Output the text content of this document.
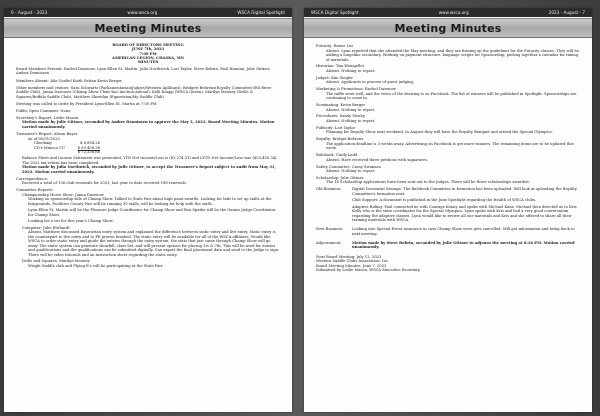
6 - August - 2023	www.wsca.org	WSCA Digital Spotlight
Meeting Minutes
BOARD OF DIRECTORS MEETING
JUNE 7th, 2023
7:00 PM
AMERICAN LEGION, CHASKA, MN
MINUTES

Board Members Present: Rachel Dasenow, Lynn-Ellen St. Martin, Julia Northwick, Lori Taylor, Steve Bobrin, Paul Hannan, Julie Gittner, Amber Dennissen

Members Absent: Alie Goebel Keith Sattan Kevin Berger

Other members and visitors: Sara Schwartz (Parliamentarian/Judges/Western Apllicant), Bridgett Behrens(Royalty Committee)/Ed River Saddle Club), Janna Dasenow (Champ Show Chair-Iac/ Auction-Annual), Kelli Knapp (WSCA Queen), Marilyn Mooney (Drills & Squares/Buffalo Saddle Club), Matthew Sheridan (Equestrian/My Saddle Club)

Meeting was called to order by President Lynn-Ellen St. Martin at 7:00 PM

Public Open Comment: None

Secretary's Report: Leslie Mason
Motion made by Julie Gittner, seconded by Amber Dennissen to approve the May 3, 2023, Board Meeting Minutes. Motion carried unanimously.
Treasurer's Report: Alison Bayer
As of 05/31/2023
Checking	$ 8,894.26
CD's-Minnco CU	$ 63,408.38
$ 72,258.66
Balance Sheet and Income Statement was presented, YTD Net Income/Loss is ($3,274.51) and LYTD Net Income/Loss was ($53,450.34). The 2022 tax return has been completed.
Motion made by Julia Northwick, seconded by Julie Gittner, to accept the Treasurer's Report subject to audit from May 31, 2023. Motion carried unanimously.
Correspondence:
Received a total of 156 club renewals for 2023; last year to-date received 188 renewals.
Committee Reports:
Championship Horse Show: Janna Dasenow
Working on sponsorship side of Champ Show. Talked to State Fair about high point awards. Looking for bids to set up stalls at the fairgrounds. Facilities County Fair will be running 30 stalls; will be looking for help with the stalls.
Lynn-Ellen St. Martin will be the Pleasure Judge Coordinator for Champ Show and Ben Sparks will be the Games Judge Coordinator for Champ Show.
Looking for a vet for this year's Champ Show.
Computer: Julie Ehrhardt
Absent. Matthew discussed Equestrian entry system and explained the difference between static entry and live entry. Static entry is the counterpart to live entry and to PE proven finished. The static entry will be available for all of the WSCA affiliates. Would like WSCA to order static entry and guide the entries through the entry system; the stats that just came through Champ Show will go away. The static system can generate showbill, class list, and will present options for placing 1st & 7th. This will be used for entries and qualifications and the qualifications can be submitted digitally. Can export the final placement data and send to the Judge to sign. There will be video tutorials and an instruction sheet regarding the static entry.
Drills and Squares: Marilyn Mooney
Wright Saddle club and Flying E's will be participating at the State Fair.
WSCA Digital Spotlight	www.wsca.org	2023 - August - 7
Meeting Minutes
Futurity: Renee Lee
Absent. Lynn reported that she attended the May meeting, and they are firming up the guidelines for the Futurity classes. They will be adding a longeline secondary. Working on payment structure, language scripts for Sponsorship, putting together a calendar for timing of materials.
Historian: Tim Weingeller
Absent. Nothing to report.
Judges: Kim Ziegler
Absent. Applicants in process of guest judging.
Marketing & Promotions: Rachel Dasenow
The raffle went well, and the video of the drawing is on Facebook. The list of winners will be published in Spotlight. Sponsorships are continuing to come in.
Nominating: Kevin Berger
Absent. Nothing to report.
Procedures: Sandy Struby
Absent. Nothing to report.
Publicity: Lori Taylor
Planning for Royalty Show next weekend. In August they will have the Royalty Banquet and attend the Special Olympics.
Royalty: Bridget Behrens
The application deadline is 3 weeks away. Advertising on Facebook is get more winners. The remaining items are to be updated this week.
Rulebook: Cindy Ladd
Absent. Have received three petitions with signatures.
Safety Committee: Cassy Swanson
Absent. Nothing to report.
Scholarship: Julie Gittner
The 14 Scholarship applications have been sent out to the Judges. There will be three scholarships awarded.
Old Business:	Digital Document Storage: The Rulebook Committee in formation has been uploaded. Will look at uploading the Royalty Committee's formation next.

Club Support: A document is published in the June Spotlight regarding the Health of WSCA clubs.

Adaptive Riding: Paul connected us with Courage Kenny and spoke with Michael Kane. Michael then directed us to Kris Kelly who is the state coordinator for the Special Olympics. Lynn spoke with Kris and had a very good conversation regarding the adaptive classes. Lynn would like to review all our materials and Kris and she offered to share all their training materials with WSCA.

New Business:	Looking into Special Event insurance in case Champ Show were gets cancelled. Will get information and bring back to next meeting.

Adjournment:	Motion made by Steve Bobrin, seconded by Julie Gittner to adjourn the meeting at 8:34 PM. Motion carried unanimously.

Next Board Meeting: July 12, 2023
Western Saddle Clubs Association, Inc.
Board Meeting Minutes, June 7, 2023
Submitted by Leslie Mason, WSCA Executive Secretary
